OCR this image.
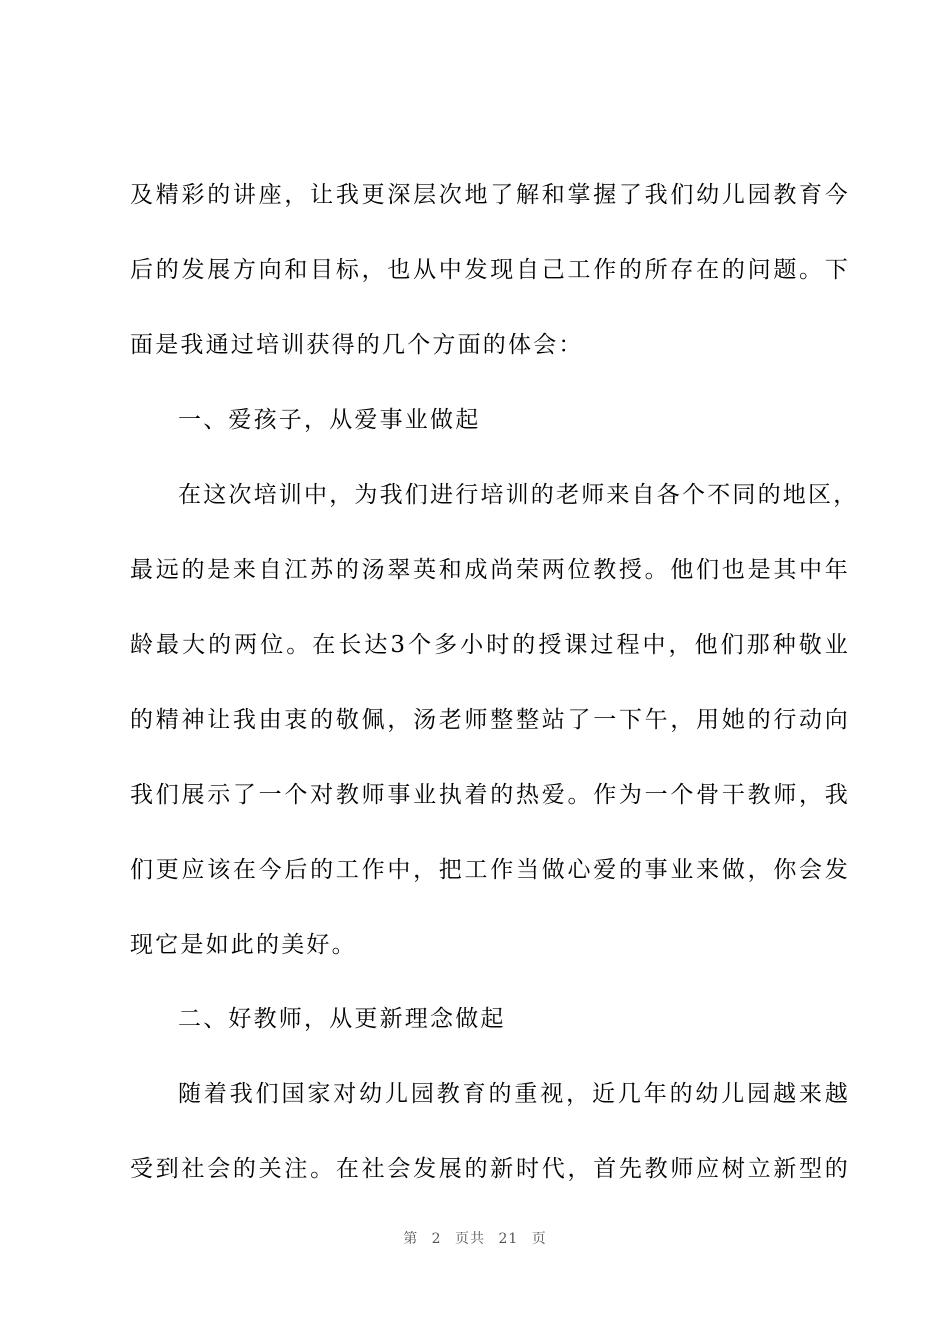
及精彩的讲座，让我更深层次地了解和掌握了我们幼儿园教育今
后的发展方向和目标，也从中发现自己工作的所存在的问题。下
面是我通过培训获得的几个方面的体会：
一、爱孩子，从爱事业做起
在这次培训中，为我们进行培训的老师来自各个不同的地区，
最远的是来自江苏的汤翠英和成尚荣两位教授。他们也是其中年
龄最大的两位。在长达3个多小时的授课过程中，他们那种敬业
的精神让我由衷的敬佩，汤老师整整站了一下午，用她的行动向
我们展示了一个对教师事业执着的热爱。作为一个骨干教师，我
们更应该在今后的工作中，把工作当做心爱的事业来做，你会发
现它是如此的美好。
二、好教师，从更新理念做起
随着我们国家对幼儿园教育的重视，近几年的幼儿园越来越
受到社会的关注。在社会发展的新时代，首先教师应树立新型的
第 2 页共 21 页
